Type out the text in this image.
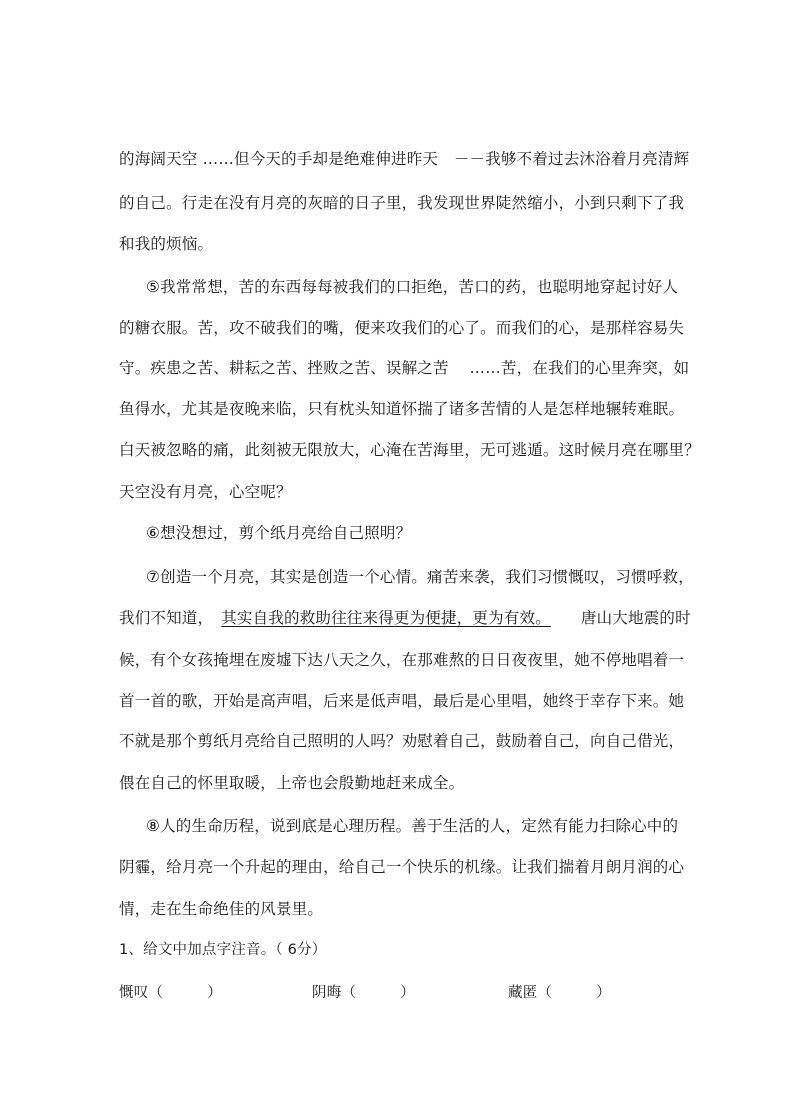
的海阔天空 ……但今天的手却是绝难伸进昨天　－－我够不着过去沐浴着月亮清辉
的自己。行走在没有月亮的灰暗的日子里，我发现世界陡然缩小，小到只剩下了我
和我的烦恼。
⑤我常常想，苦的东西每每被我们的口拒绝，苦口的药，也聪明地穿起讨好人
的糖衣服。苦，攻不破我们的嘴，便来攻我们的心了。而我们的心，是那样容易失
守。疾患之苦、耕耘之苦、挫败之苦、误解之苦　 ……苦，在我们的心里奔突，如
鱼得水，尤其是夜晚来临，只有枕头知道怀揣了诸多苦情的人是怎样地辗转难眠。
白天被忽略的痛，此刻被无限放大，心淹在苦海里，无可逃遁。这时候月亮在哪里？
天空没有月亮，心空呢？
⑥想没想过，剪个纸月亮给自己照明？
⑦创造一个月亮，其实是创造一个心情。痛苦来袭，我们习惯慨叹，习惯呼救，
我们不知道， 其实自我的救助往往来得更为便捷，更为有效。 唐山大地震的时
候，有个女孩掩埋在废墟下达八天之久，在那难熬的日日夜夜里，她不停地唱着一
首一首的歌，开始是高声唱，后来是低声唱，最后是心里唱，她终于幸存下来。她
不就是那个剪纸月亮给自己照明的人吗？劝慰着自己，鼓励着自己，向自己借光，
偎在自己的怀里取暖，上帝也会殷勤地赶来成全。
⑧人的生命历程，说到底是心理历程。善于生活的人，定然有能力扫除心中的
阴霾，给月亮一个升起的理由，给自己一个快乐的机缘。让我们揣着月朗月润的心
情，走在生命绝佳的风景里。
1、给文中加点字注音。（ 6分）
慨叹（　　　）	阴晦（　　　）	藏匿（　　　）
